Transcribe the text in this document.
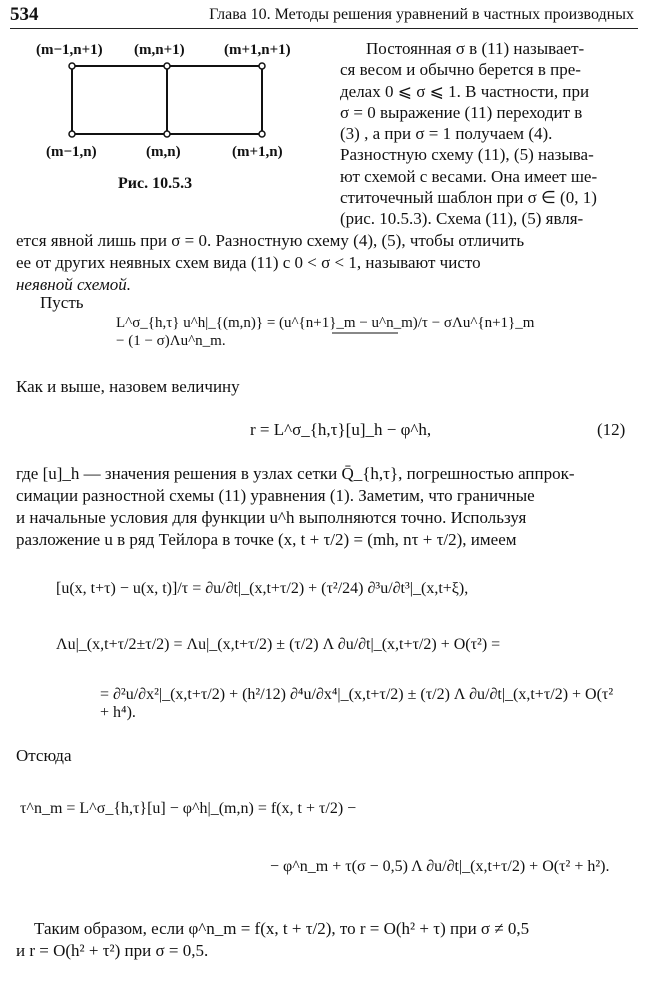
534	Глава 10. Методы решения уравнений в частных производных
(m−1,n+1) (m,n+1)	(m+1,n+1)
(m−1,n)	(m,n)	(m+1,n)
Рис. 10.5.3
Постоянная σ в (11) называет-
ся весом и обычно берется в пре-
делах 0 ⩽ σ ⩽ 1. В частности, при
σ = 0 выражение (11) переходит в
(3) , а при σ = 1 получаем (4).
Разностную схему (11), (5) называ-
ют схемой с весами. Она имеет ше-
ститочечный шаблон при σ ∈ (0, 1)
(рис. 10.5.3). Схема (11), (5) явля-
ется явной лишь при σ = 0. Разностную схему (4), (5), чтобы отличить
ее от других неявных схем вида (11) с 0 < σ < 1, называют чисто
неявной схемой.
Пусть
L^σ_{h,τ} u^h|_{(m,n)} = (u^{n+1}_m − u^n_m)/τ − σΛu^{n+1}_m − (1 − σ)Λu^n_m.
Как и выше, назовем величину
r = L^σ_{h,τ}[u]_h − φ^h,	(12)
где [u]_h — значения решения в узлах сетки Q̄_{h,τ}, погрешностью аппрок-
симации разностной схемы (11) уравнения (1). Заметим, что граничные
и начальные условия для функции u^h выполняются точно. Используя
разложение u в ряд Тейлора в точке (x, t + τ/2) = (mh, nτ + τ/2), имеем
[u(x, t+τ) − u(x, t)]/τ = ∂u/∂t|_(x,t+τ/2) + (τ²/24) ∂³u/∂t³|_(x,t+ξ),
Λu|_(x,t+τ/2±τ/2) = Λu|_(x,t+τ/2) ± (τ/2) Λ ∂u/∂t|_(x,t+τ/2) + O(τ²) =
= ∂²u/∂x²|_(x,t+τ/2) + (h²/12) ∂⁴u/∂x⁴|_(x,t+τ/2) ± (τ/2) Λ ∂u/∂t|_(x,t+τ/2) + O(τ² + h⁴).
Отсюда
τ^n_m = L^σ_{h,τ}[u] − φ^h|_(m,n) = f(x, t + τ/2) −
− φ^n_m + τ(σ − 0,5) Λ ∂u/∂t|_(x,t+τ/2) + O(τ² + h²).
Таким образом, если φ^n_m = f(x, t + τ/2), то r = O(h² + τ) при σ ≠ 0,5
и r = O(h² + τ²) при σ = 0,5.
